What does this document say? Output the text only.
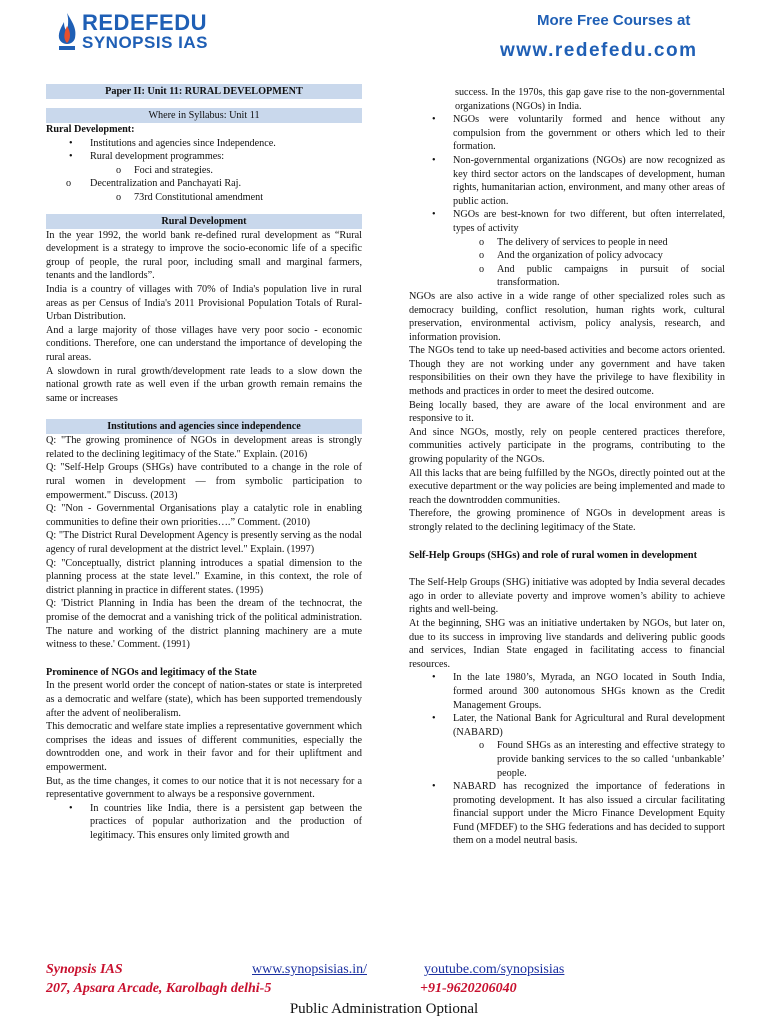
REDEFEDU
SYNOPSIS IAS
More Free Courses at
www.redefedu.com
Paper II: Unit 11: RURAL DEVELOPMENT
Where in Syllabus: Unit 11

Rural Development:

• Institutions and agencies since Independence.
• Rural development programmes:
o Foci and strategies.
o Decentralization and Panchayati Raj.
o 73rd Constitutional amendment
Rural Development

In the year 1992, the world bank re-defined rural development as “Rural development is a strategy to improve the socio-economic life of a specific group of people, the rural poor, including small and marginal farmers, tenants and the landlords”.

India is a country of villages with 70% of India's population live in rural areas as per Census of India's 2011 Provisional Population Totals of Rural-Urban Distribution.

And a large majority of those villages have very poor socio - economic conditions. Therefore, one can understand the importance of developing the rural areas.

A slowdown in rural growth/development rate leads to a slow down the national growth rate as well even if the urban growth remain remains the same or increases

Institutions and agencies since independence

Q: "The growing prominence of NGOs in development areas is strongly related to the declining legitimacy of the State." Explain. (2016)

Q: "Self-Help Groups (SHGs) have contributed to a change in the role of rural women in development — from symbolic participation to empowerment." Discuss. (2013)

Q: "Non - Governmental Organisations play a catalytic role in enabling communities to define their own priorities….” Comment. (2010)

Q: "The District Rural Development Agency is presently serving as the nodal agency of rural development at the district level." Explain. (1997)

Q: "Conceptually, district planning introduces a spatial dimension to the planning process at the state level." Examine, in this context, the role of district planning in practice in different states. (1995)

Q: 'District Planning in India has been the dream of the technocrat, the promise of the democrat and a vanishing trick of the political administration. The nature and working of the district planning machinery are a mute witness to these.' Comment. (1991)

Prominence of NGOs and legitimacy of the State

In the present world order the concept of nation-states or state is interpreted as a democratic and welfare (state), which has been supported tremendously after the advent of neoliberalism.

This democratic and welfare state implies a representative government which comprises the ideas and issues of different communities, especially the downtrodden one, and work in their favor and for their upliftment and empowerment.

But, as the time changes, it comes to our notice that it is not necessary for a representative government to always be a responsive government.

• In countries like India, there is a persistent gap between the practices of popular authorization and the production of legitimacy. This ensures only limited growth and

success. In the 1970s, this gap gave rise to the non-governmental organizations (NGOs) in India.

• NGOs were voluntarily formed and hence without any compulsion from the government or others which led to their formation.
• Non-governmental organizations (NGOs) are now recognized as key third sector actors on the landscapes of development, human rights, humanitarian action, environment, and many other areas of public action.
• NGOs are best-known for two different, but often interrelated, types of activity
o The delivery of services to people in need
o And the organization of policy advocacy
o And public campaigns in pursuit of social transformation.

NGOs are also active in a wide range of other specialized roles such as democracy building, conflict resolution, human rights work, cultural preservation, environmental activism, policy analysis, research, and information provision.

The NGOs tend to take up need-based activities and become actors oriented. Though they are not working under any government and have taken responsibilities on their own they have the privilege to have flexibility in methods and practices in order to meet the desired outcome.

Being locally based, they are aware of the local environment and are responsive to it.

And since NGOs, mostly, rely on people centered practices therefore, communities actively participate in the programs, contributing to the growing popularity of the NGOs.

All this lacks that are being fulfilled by the NGOs, directly pointed out at the executive department or the way policies are being implemented and made to reach the downtrodden communities.

Therefore, the growing prominence of NGOs in development areas is strongly related to the declining legitimacy of the State.

Self-Help Groups (SHGs) and role of rural women in development

The Self-Help Groups (SHG) initiative was adopted by India several decades ago in order to alleviate poverty and improve women’s ability to achieve rights and well-being.

At the beginning, SHG was an initiative undertaken by NGOs, but later on, due to its success in improving live standards and delivering public goods and services, Indian State engaged in facilitating access to financial resources.

• In the late 1980’s, Myrada, an NGO located in South India, formed around 300 autonomous SHGs known as the Credit Management Groups.
• Later, the National Bank for Agricultural and Rural development (NABARD)
o Found SHGs as an interesting and effective strategy to provide banking services to the so called ‘unbankable’ people.
• NABARD has recognized the importance of federations in promoting development. It has also issued a circular facilitating financial support under the Micro Finance Development Equity Fund (MFDEF) to the SHG federations and has decided to support them on a model neutral basis.
Synopsis IAS	www.synopsisias.in/	youtube.com/synopsisias
207, Apsara Arcade, Karolbagh delhi-5	+91-9620206040
Public Administration Optional
